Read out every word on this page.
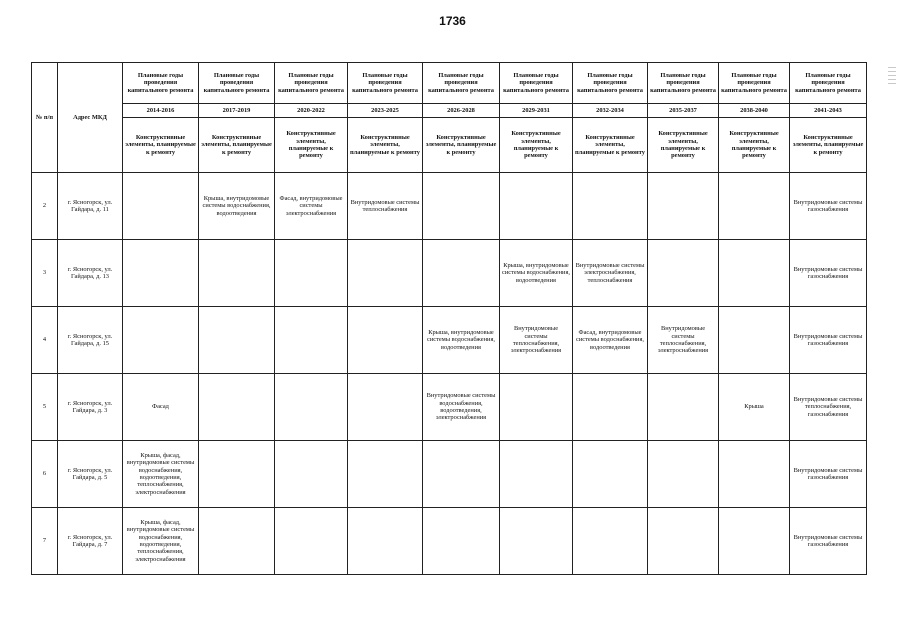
1736
№ п/п	Адрес МКД	Плановые годы проведения капитального ремонта	Плановые годы проведения капитального ремонта	Плановые годы проведения капитального ремонта	Плановые годы проведения капитального ремонта	Плановые годы проведения капитального ремонта	Плановые годы проведения капитального ремонта	Плановые годы проведения капитального ремонта	Плановые годы проведения капитального ремонта	Плановые годы проведения капитального ремонта	Плановые годы проведения капитального ремонта
		2014-2016	2017-2019	2020-2022	2023-2025	2026-2028	2029-2031	2032-2034	2035-2037	2038-2040	2041-2043
		Конструктивные элементы, планируемые к ремонту	Конструктивные элементы, планируемые к ремонту	Конструктивные элементы, планируемые к ремонту	Конструктивные элементы, планируемые к ремонту	Конструктивные элементы, планируемые к ремонту	Конструктивные элементы, планируемые к ремонту	Конструктивные элементы, планируемые к ремонту	Конструктивные элементы, планируемые к ремонту	Конструктивные элементы, планируемые к ремонту	Конструктивные элементы, планируемые к ремонту
2	г. Ясногорск, ул. Гайдара, д. 11		Крыша, внутридомовые системы водоснабжения, водоотведения	Фасад, внутридомовые системы электроснабжения	Внутридомовые системы теплоснабжения						Внутридомовые системы газоснабжения
3	г. Ясногорск, ул. Гайдара, д. 13						Крыша, внутридомовые системы водоснабжения, водоотведения	Внутридомовые системы электроснабжения, теплоснабжения			Внутридомовые системы газоснабжения
4	г. Ясногорск, ул. Гайдара, д. 15					Крыша, внутридомовые системы водоснабжения, водоотведения	Внутридомовые системы теплоснабжения, электроснабжения	Фасад, внутридомовые системы водоснабжения, водоотведения	Внутридомовые системы теплоснабжения, электроснабжения		Внутридомовые системы газоснабжения
5	г. Ясногорск, ул. Гайдара, д. 3	Фасад				Внутридомовые системы водоснабжения, водоотведения, электроснабжения				Крыша	Внутридомовые системы теплоснабжения, газоснабжения
6	г. Ясногорск, ул. Гайдара, д. 5	Крыша, фасад, внутридомовые системы водоснабжения, водоотведения, теплоснабжения, электроснабжения									Внутридомовые системы газоснабжения
7	г. Ясногорск, ул. Гайдара, д. 7	Крыша, фасад, внутридомовые системы водоснабжения, водоотведения, теплоснабжения, электроснабжения									Внутридомовые системы газоснабжения
